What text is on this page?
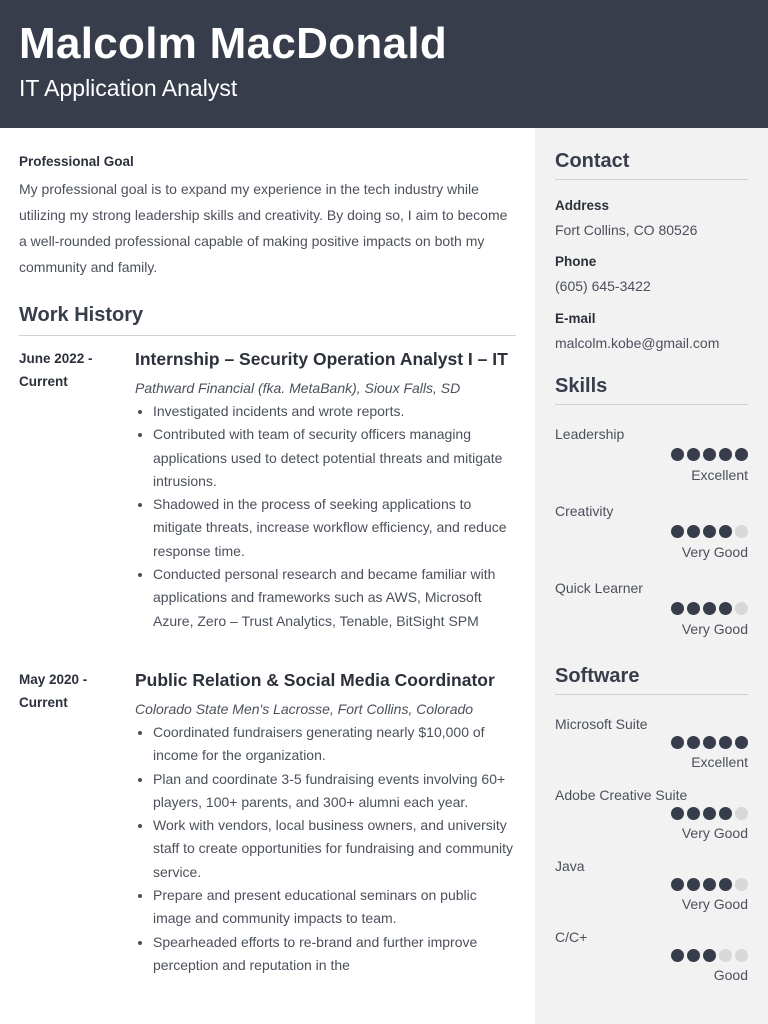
Malcolm MacDonald
IT Application Analyst
Contact
Address
Fort Collins, CO 80526
Phone
(605) 645-3422
E-mail
malcolm.kobe@gmail.com
Skills
Leadership
Excellent
Creativity
Very Good
Quick Learner
Very Good
Software
Microsoft Suite
Excellent
Adobe Creative Suite
Very Good
Java
Very Good
C/C+
Good
Professional Goal
My professional goal is to expand my experience in the tech industry while utilizing my strong leadership skills and creativity. By doing so, I aim to become a well-rounded professional capable of making positive impacts on both my community and family.
Work History
June 2022 - Current
Internship – Security Operation Analyst I – IT
Pathward Financial (fka. MetaBank), Sioux Falls, SD
• Investigated incidents and wrote reports.
• Contributed with team of security officers managing applications used to detect potential threats and mitigate intrusions.
• Shadowed in the process of seeking applications to mitigate threats, increase workflow efficiency, and reduce response time.
• Conducted personal research and became familiar with applications and frameworks such as AWS, Microsoft Azure, Zero – Trust Analytics, Tenable, BitSight SPM
May 2020 - Current
Public Relation & Social Media Coordinator
Colorado State Men's Lacrosse, Fort Collins, Colorado
• Coordinated fundraisers generating nearly $10,000 of income for the organization.
• Plan and coordinate 3-5 fundraising events involving 60+ players, 100+ parents, and 300+ alumni each year.
• Work with vendors, local business owners, and university staff to create opportunities for fundraising and community service.
• Prepare and present educational seminars on public image and community impacts to team.
• Spearheaded efforts to re-brand and further improve perception and reputation in the
